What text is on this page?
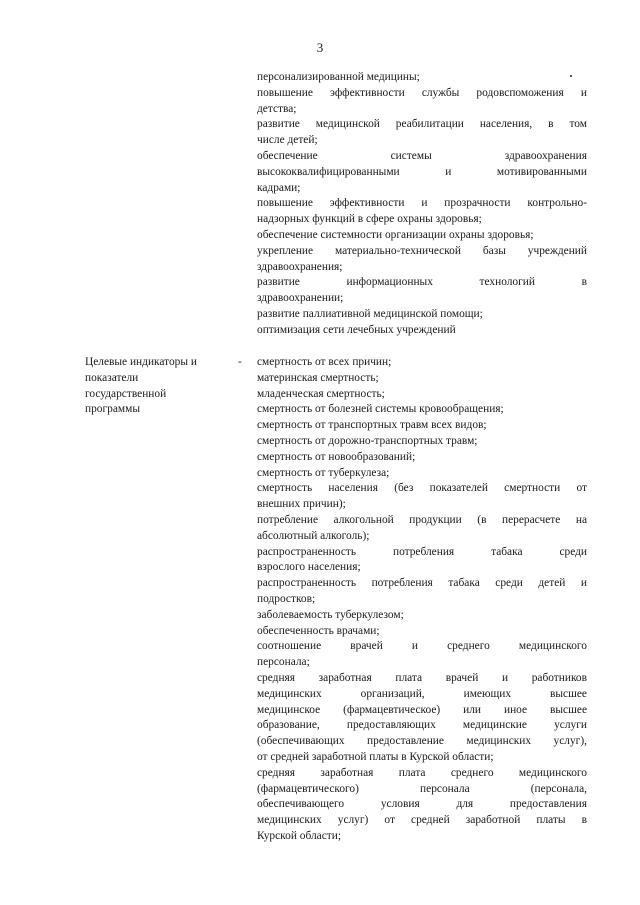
3
персонализированной медицины;
повышение эффективности службы родовспоможения и
детства;
развитие медицинской реабилитации населения, в том
числе детей;
обеспечение системы здравоохранения
высококвалифицированными и мотивированными
кадрами;
повышение эффективности и прозрачности контрольно-
надзорных функций в сфере охраны здоровья;
обеспечение системности организации охраны здоровья;
укрепление материально-технической базы учреждений
здравоохранения;
развитие информационных технологий в
здравоохранении;
развитие паллиативной медицинской помощи;
оптимизация сети лечебных учреждений
Целевые индикаторы и
показатели
государственной
программы
- смертность от всех причин;
материнская смертность;
младенческая смертность;
смертность от болезней системы кровообращения;
смертность от транспортных травм всех видов;
смертность от дорожно-транспортных травм;
смертность от новообразований;
смертность от туберкулеза;
смертность населения (без показателей смертности от
внешних причин);
потребление алкогольной продукции (в перерасчете на
абсолютный алкоголь);
распространенность потребления табака среди
взрослого населения;
распространенность потребления табака среди детей и
подростков;
заболеваемость туберкулезом;
обеспеченность врачами;
соотношение врачей и среднего медицинского
персонала;
средняя заработная плата врачей и работников
медицинских организаций, имеющих высшее
медицинское (фармацевтическое) или иное высшее
образование, предоставляющих медицинские услуги
(обеспечивающих предоставление медицинских услуг),
от средней заработной платы в Курской области;
средняя заработная плата среднего медицинского
(фармацевтического) персонала (персонала,
обеспечивающего условия для предоставления
медицинских услуг) от средней заработной платы в
Курской области;
